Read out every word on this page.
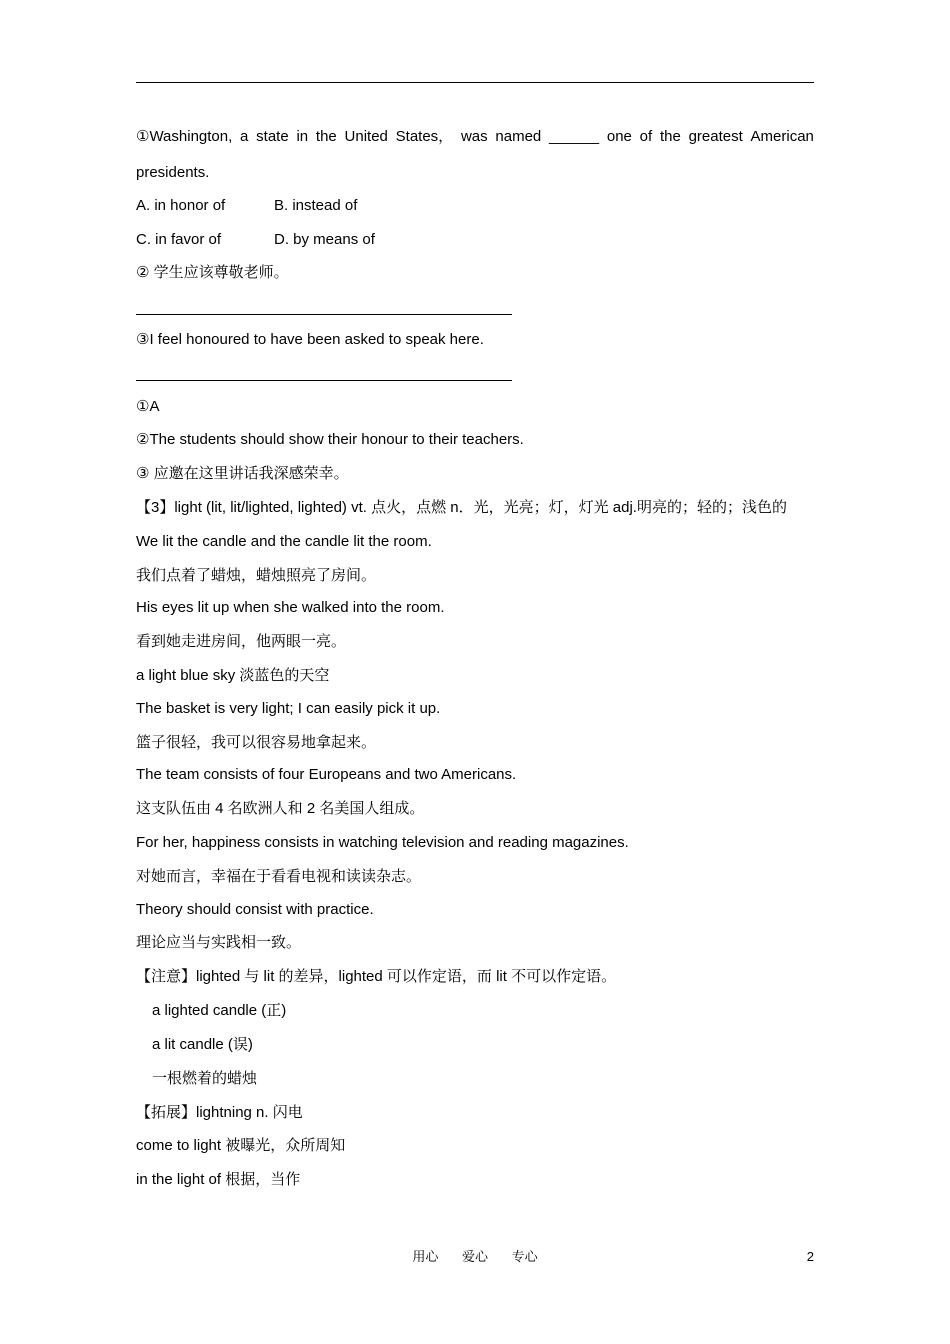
①Washington, a state in the United States， was named ______ one of the greatest American
presidents.
A. in honor of	B. instead of
C. in favor of	D. by means of
② 学生应该尊敬老师。
③I feel honoured to have been asked to speak here.
①A
②The students should show their honour to their teachers.
③ 应邀在这里讲话我深感荣幸。
【3】light (lit, lit/lighted, lighted) vt. 点火，点燃 n．光，光亮；灯，灯光 adj.明亮的；轻的；浅色的
We lit the candle and the candle lit the room.
我们点着了蜡烛，蜡烛照亮了房间。
His eyes lit up when she walked into the room.
看到她走进房间，他两眼一亮。
a light blue sky 淡蓝色的天空
The basket is very light; I can easily pick it up.
篮子很轻，我可以很容易地拿起来。
The team consists of four Europeans and two Americans.
这支队伍由 4 名欧洲人和 2 名美国人组成。
For her, happiness consists in watching television and reading magazines.
对她而言，幸福在于看看电视和读读杂志。
Theory should consist with practice.
理论应当与实践相一致。
【注意】lighted 与 lit 的差异，lighted 可以作定语，而 lit 不可以作定语。
a lighted candle (正)
a lit candle (误)
一根燃着的蜡烛
【拓展】lightning n. 闪电
come to light 被曝光，众所周知
in the light of 根据，当作
用心 爱心 专心	2
